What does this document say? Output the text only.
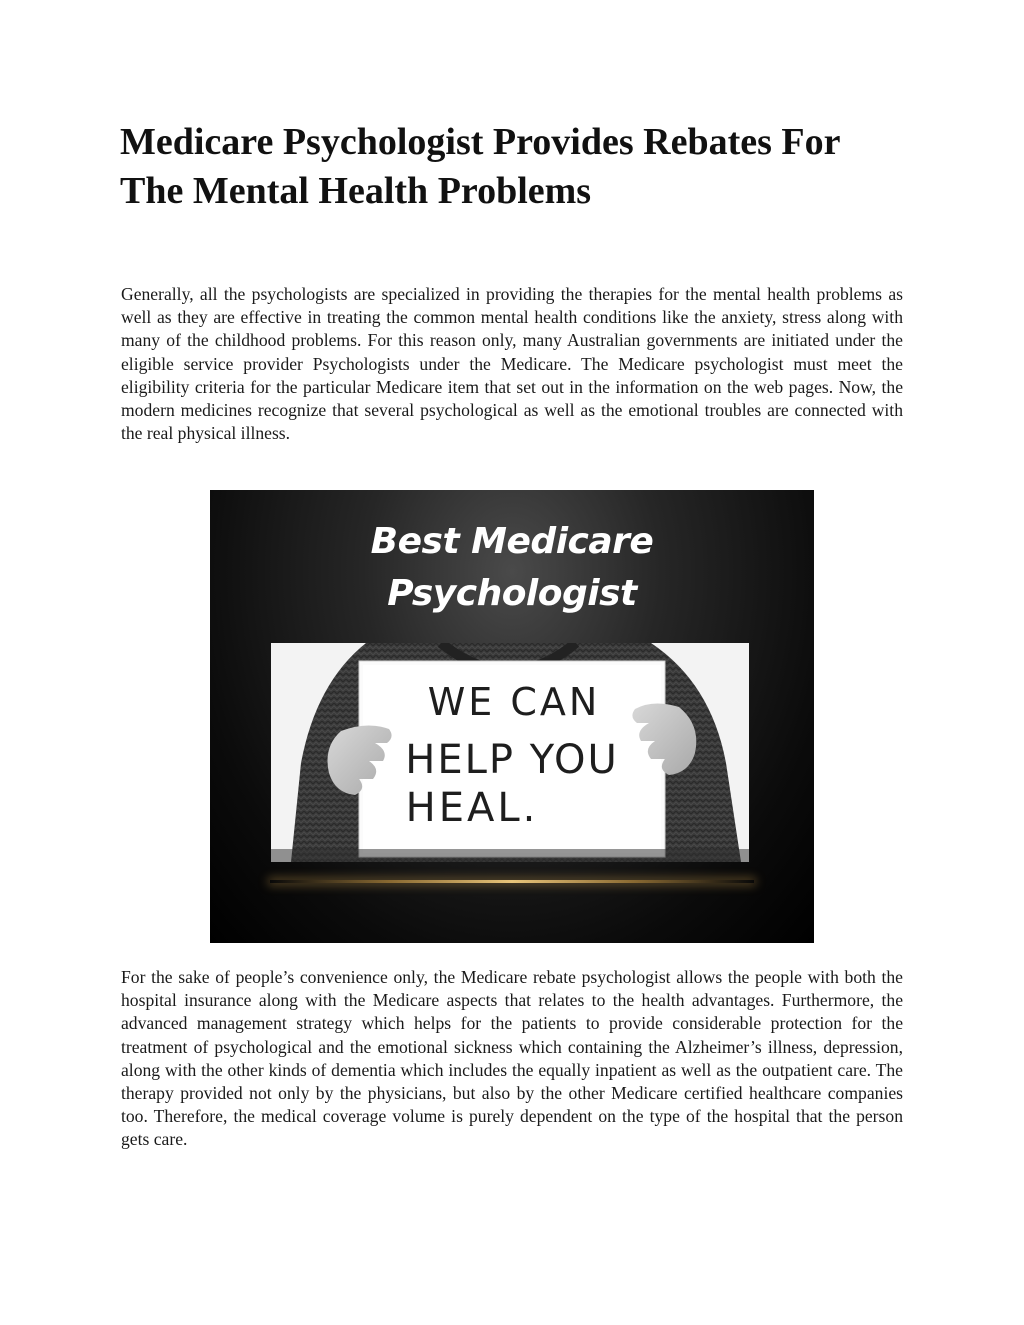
Medicare Psychologist Provides Rebates For The Mental Health Problems

Generally, all the psychologists are specialized in providing the therapies for the mental health problems as well as they are effective in treating the common mental health conditions like the anxiety, stress along with many of the childhood problems. For this reason only, many Australian governments are initiated under the eligible service provider Psychologists under the Medicare. The Medicare psychologist must meet the eligibility criteria for the particular Medicare item that set out in the information on the web pages. Now, the modern medicines recognize that several psychological as well as the emotional troubles are connected with the real physical illness.

Best Medicare
Psychologist
WE CAN
HELP YOU
HEAL.

For the sake of people’s convenience only, the Medicare rebate psychologist allows the people with both the hospital insurance along with the Medicare aspects that relates to the health advantages. Furthermore, the advanced management strategy which helps for the patients to provide considerable protection for the treatment of psychological and the emotional sickness which containing the Alzheimer’s illness, depression, along with the other kinds of dementia which includes the equally inpatient as well as the outpatient care. The therapy provided not only by the physicians, but also by the other Medicare certified healthcare companies too. Therefore, the medical coverage volume is purely dependent on the type of the hospital that the person gets care.
